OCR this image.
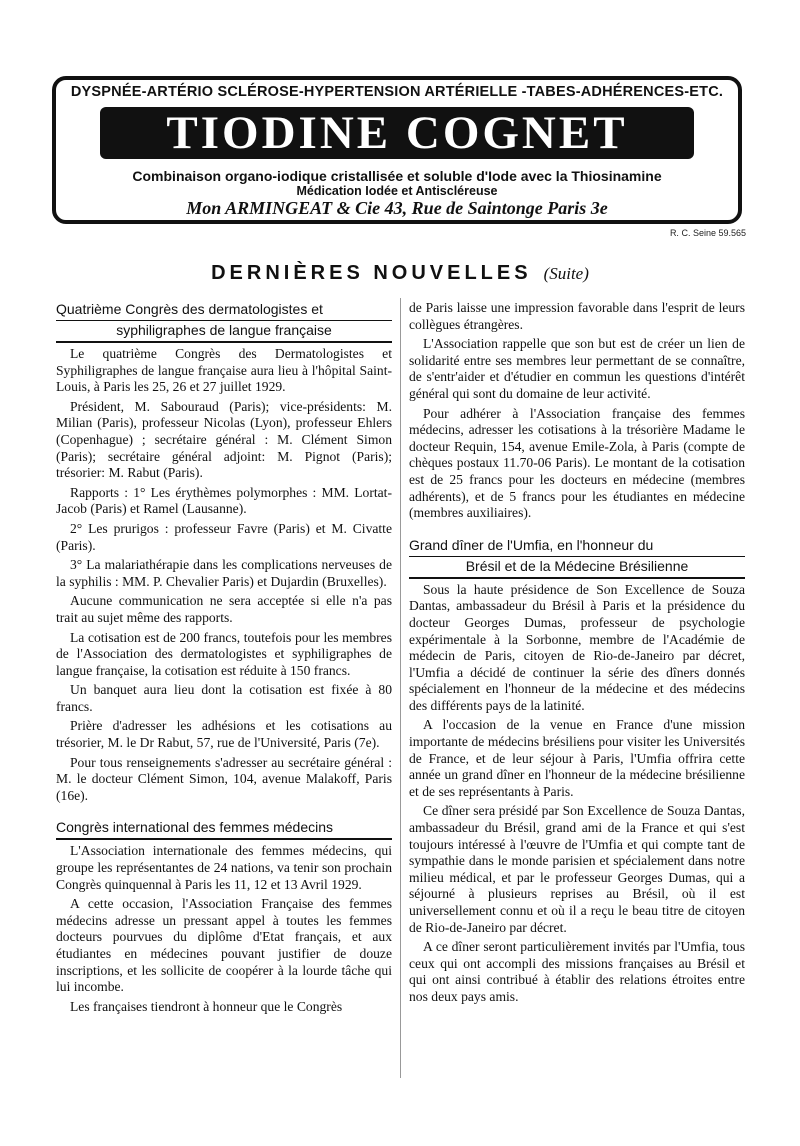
DYSPNÉE-ARTÉRIO SCLÉROSE-HYPERTENSION ARTÉRIELLE -TABES-ADHÉRENCES-ETC.
TIODINE COGNET
Combinaison organo-iodique cristallisée et soluble d'Iode avec la Thiosinamine
Médication Iodée et Antiscléreuse
Mon ARMINGEAT & Cie 43, Rue de Saintonge Paris 3e
R. C. Seine 59.565
DERNIÈRES NOUVELLES (Suite)
Quatrième Congrès des dermatologistes et
syphiligraphes de langue française

Le quatrième Congrès des Dermatologistes et Syphiligraphes de langue française aura lieu à l'hôpital Saint-Louis, à Paris les 25, 26 et 27 juillet 1929.

Président, M. Sabouraud (Paris); vice-présidents: M. Milian (Paris), professeur Nicolas (Lyon), professeur Ehlers (Copenhague) ; secrétaire général : M. Clément Simon (Paris); secrétaire général adjoint: M. Pignot (Paris); trésorier: M. Rabut (Paris).

Rapports : 1° Les érythèmes polymorphes : MM. Lortat-Jacob (Paris) et Ramel (Lausanne).

2° Les prurigos : professeur Favre (Paris) et M. Civatte (Paris).

3° La malariathérapie dans les complications nerveuses de la syphilis : MM. P. Chevalier Paris) et Dujardin (Bruxelles).

Aucune communication ne sera acceptée si elle n'a pas trait au sujet même des rapports.

La cotisation est de 200 francs, toutefois pour les membres de l'Association des dermatologistes et syphiligraphes de langue française, la cotisation est réduite à 150 francs.

Un banquet aura lieu dont la cotisation est fixée à 80 francs.

Prière d'adresser les adhésions et les cotisations au trésorier, M. le Dr Rabut, 57, rue de l'Université, Paris (7e).

Pour tous renseignements s'adresser au secrétaire général : M. le docteur Clément Simon, 104, avenue Malakoff, Paris (16e).

Congrès international des femmes médecins

L'Association internationale des femmes médecins, qui groupe les représentantes de 24 nations, va tenir son prochain Congrès quinquennal à Paris les 11, 12 et 13 Avril 1929.

A cette occasion, l'Association Française des femmes médecins adresse un pressant appel à toutes les femmes docteurs pourvues du diplôme d'Etat français, et aux étudiantes en médecines pouvant justifier de douze inscriptions, et les sollicite de coopérer à la lourde tâche qui lui incombe.

Les françaises tiendront à honneur que le Congrès

de Paris laisse une impression favorable dans l'esprit de leurs collègues étrangères.

L'Association rappelle que son but est de créer un lien de solidarité entre ses membres leur permettant de se connaître, de s'entr'aider et d'étudier en commun les questions d'intérêt général qui sont du domaine de leur activité.

Pour adhérer à l'Association française des femmes médecins, adresser les cotisations à la trésorière Madame le docteur Requin, 154, avenue Emile-Zola, à Paris (compte de chèques postaux 11.70-06 Paris). Le montant de la cotisation est de 25 francs pour les docteurs en médecine (membres adhérents), et de 5 francs pour les étudiantes en médecine (membres auxiliaires).

Grand dîner de l'Umfia, en l'honneur du
Brésil et de la Médecine Brésilienne

Sous la haute présidence de Son Excellence de Souza Dantas, ambassadeur du Brésil à Paris et la présidence du docteur Georges Dumas, professeur de psychologie expérimentale à la Sorbonne, membre de l'Académie de médecin de Paris, citoyen de Rio-de-Janeiro par décret, l'Umfia a décidé de continuer la série des dîners donnés spécialement en l'honneur de la médecine et des médecins des différents pays de la latinité.

A l'occasion de la venue en France d'une mission importante de médecins brésiliens pour visiter les Universités de France, et de leur séjour à Paris, l'Umfia offrira cette année un grand dîner en l'honneur de la médecine brésilienne et de ses représentants à Paris.

Ce dîner sera présidé par Son Excellence de Souza Dantas, ambassadeur du Brésil, grand ami de la France et qui s'est toujours intéressé à l'œuvre de l'Umfia et qui compte tant de sympathie dans le monde parisien et spécialement dans notre milieu médical, et par le professeur Georges Dumas, qui a séjourné à plusieurs reprises au Brésil, où il est universellement connu et où il a reçu le beau titre de citoyen de Rio-de-Janeiro par décret.

A ce dîner seront particulièrement invités par l'Umfia, tous ceux qui ont accompli des missions françaises au Brésil et qui ont ainsi contribué à établir des relations étroites entre nos deux pays amis.
